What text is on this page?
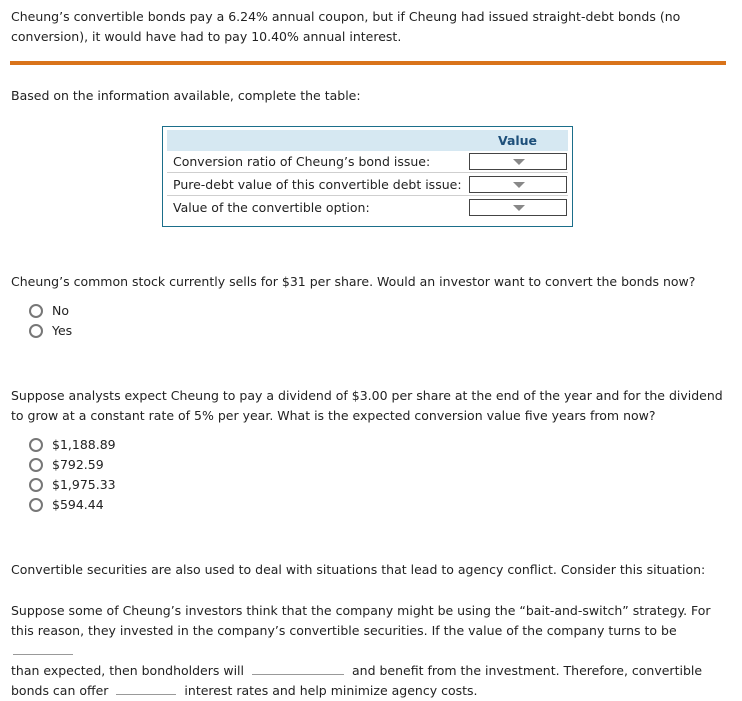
Cheung’s convertible bonds pay a 6.24% annual coupon, but if Cheung had issued straight-debt bonds (no conversion), it would have had to pay 10.40% annual interest.
Based on the information available, complete the table:
Value
Conversion ratio of Cheung’s bond issue:
Pure-debt value of this convertible debt issue:
Value of the convertible option:
Cheung’s common stock currently sells for $31 per share. Would an investor want to convert the bonds now?
No
Yes
Suppose analysts expect Cheung to pay a dividend of $3.00 per share at the end of the year and for the dividend to grow at a constant rate of 5% per year. What is the expected conversion value five years from now?
$1,188.89
$792.59
$1,975.33
$594.44
Convertible securities are also used to deal with situations that lead to agency conflict. Consider this situation:
Suppose some of Cheung’s investors think that the company might be using the “bait-and-switch” strategy. For this reason, they invested in the company’s convertible securities. If the value of the company turns to be
than expected, then bondholders will	and benefit from the investment. Therefore, convertible bonds can offer	interest rates and help minimize agency costs.
